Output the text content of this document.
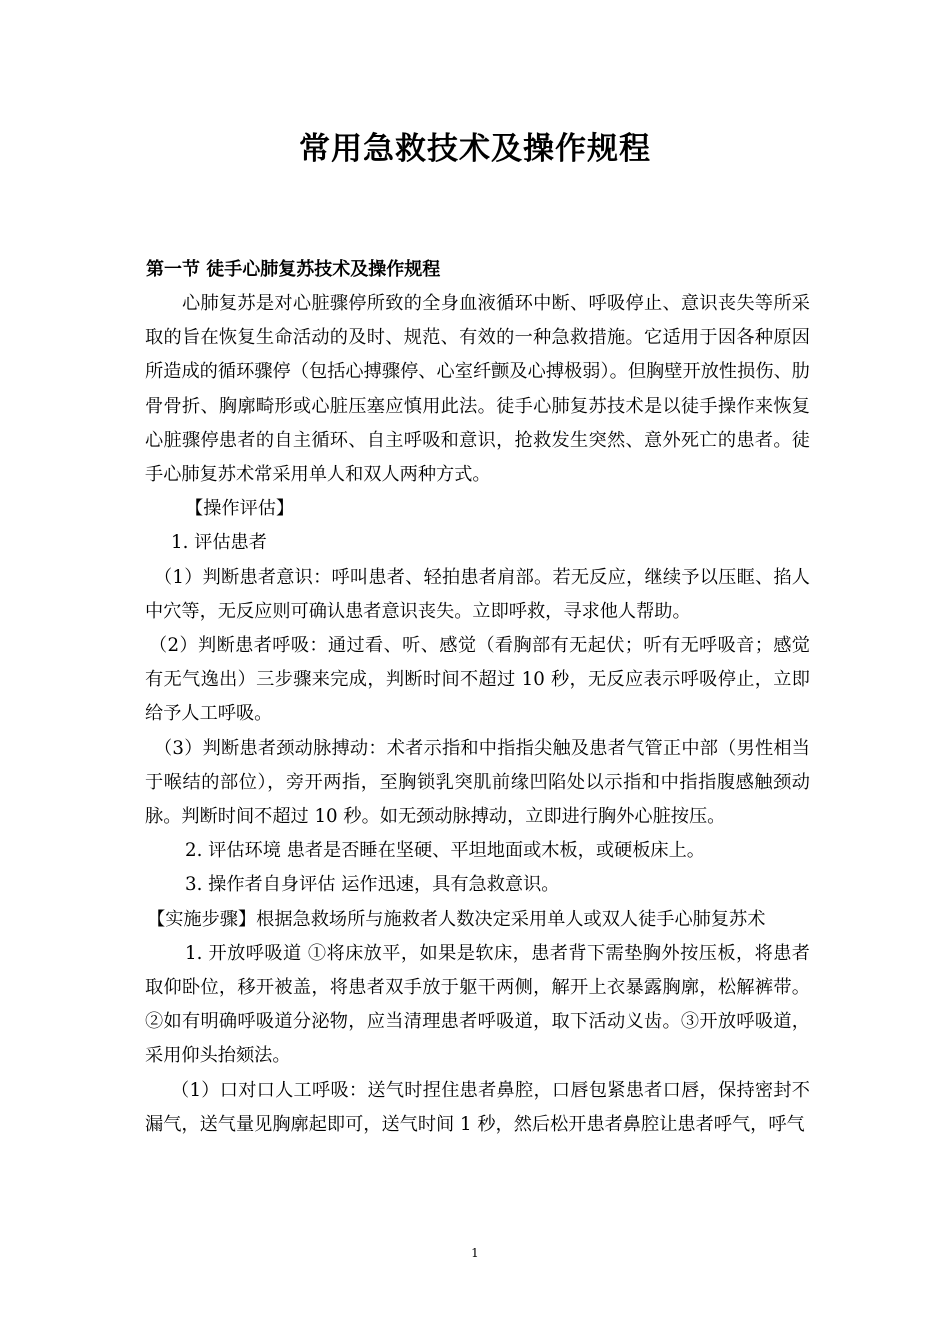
常用急救技术及操作规程
第一节 徒手心肺复苏技术及操作规程

心肺复苏是对心脏骤停所致的全身血液循环中断、呼吸停止、意识丧失等所采取的旨在恢复生命活动的及时、规范、有效的一种急救措施。它适用于因各种原因所造成的循环骤停（包括心搏骤停、心室纤颤及心搏极弱）。但胸壁开放性损伤、肋骨骨折、胸廓畸形或心脏压塞应慎用此法。徒手心肺复苏技术是以徒手操作来恢复心脏骤停患者的自主循环、自主呼吸和意识，抢救发生突然、意外死亡的患者。徒手心肺复苏术常采用单人和双人两种方式。

【操作评估】

1. 评估患者

（1）判断患者意识：呼叫患者、轻拍患者肩部。若无反应，继续予以压眶、掐人中穴等，无反应则可确认患者意识丧失。立即呼救，寻求他人帮助。

（2）判断患者呼吸：通过看、听、感觉（看胸部有无起伏；听有无呼吸音；感觉有无气逸出）三步骤来完成，判断时间不超过 10 秒，无反应表示呼吸停止，立即给予人工呼吸。

（3）判断患者颈动脉搏动：术者示指和中指指尖触及患者气管正中部（男性相当于喉结的部位），旁开两指，至胸锁乳突肌前缘凹陷处以示指和中指指腹感触颈动脉。判断时间不超过 10 秒。如无颈动脉搏动，立即进行胸外心脏按压。

2. 评估环境 患者是否睡在坚硬、平坦地面或木板，或硬板床上。

3. 操作者自身评估 运作迅速，具有急救意识。

【实施步骤】根据急救场所与施救者人数决定采用单人或双人徒手心肺复苏术

1. 开放呼吸道 ①将床放平，如果是软床，患者背下需垫胸外按压板，将患者取仰卧位，移开被盖，将患者双手放于躯干两侧，解开上衣暴露胸廓，松解裤带。②如有明确呼吸道分泌物，应当清理患者呼吸道，取下活动义齿。③开放呼吸道，采用仰头抬颏法。

（1）口对口人工呼吸：送气时捏住患者鼻腔，口唇包紧患者口唇，保持密封不漏气，送气量见胸廓起即可，送气时间 1 秒，然后松开患者鼻腔让患者呼气，呼气

1
